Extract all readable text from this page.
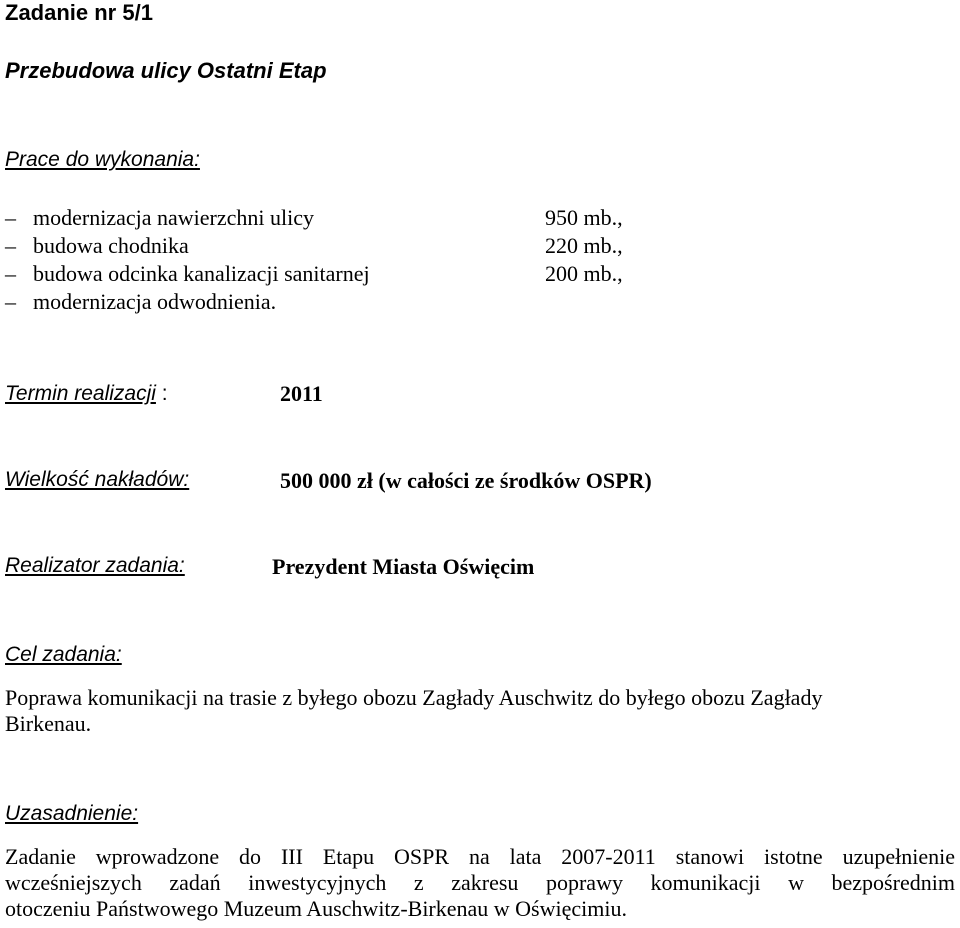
Zadanie nr 5/1
Przebudowa ulicy Ostatni Etap
Prace do wykonania:
– modernizacja nawierzchni ulicy	950 mb.,
– budowa chodnika	220 mb.,
– budowa odcinka kanalizacji sanitarnej	200 mb.,
– modernizacja odwodnienia.
Termin realizacji :	2011
Wielkość nakładów:	500 000 zł (w całości ze środków OSPR)
Realizator zadania:	Prezydent Miasta Oświęcim
Cel zadania:
Poprawa komunikacji na trasie z byłego obozu Zagłady Auschwitz do byłego obozu Zagłady
Birkenau.
Uzasadnienie:
Zadanie wprowadzone do III Etapu OSPR na lata 2007-2011 stanowi istotne uzupełnienie
wcześniejszych zadań inwestycyjnych z zakresu poprawy komunikacji w bezpośrednim
otoczeniu Państwowego Muzeum Auschwitz-Birkenau w Oświęcimiu.
